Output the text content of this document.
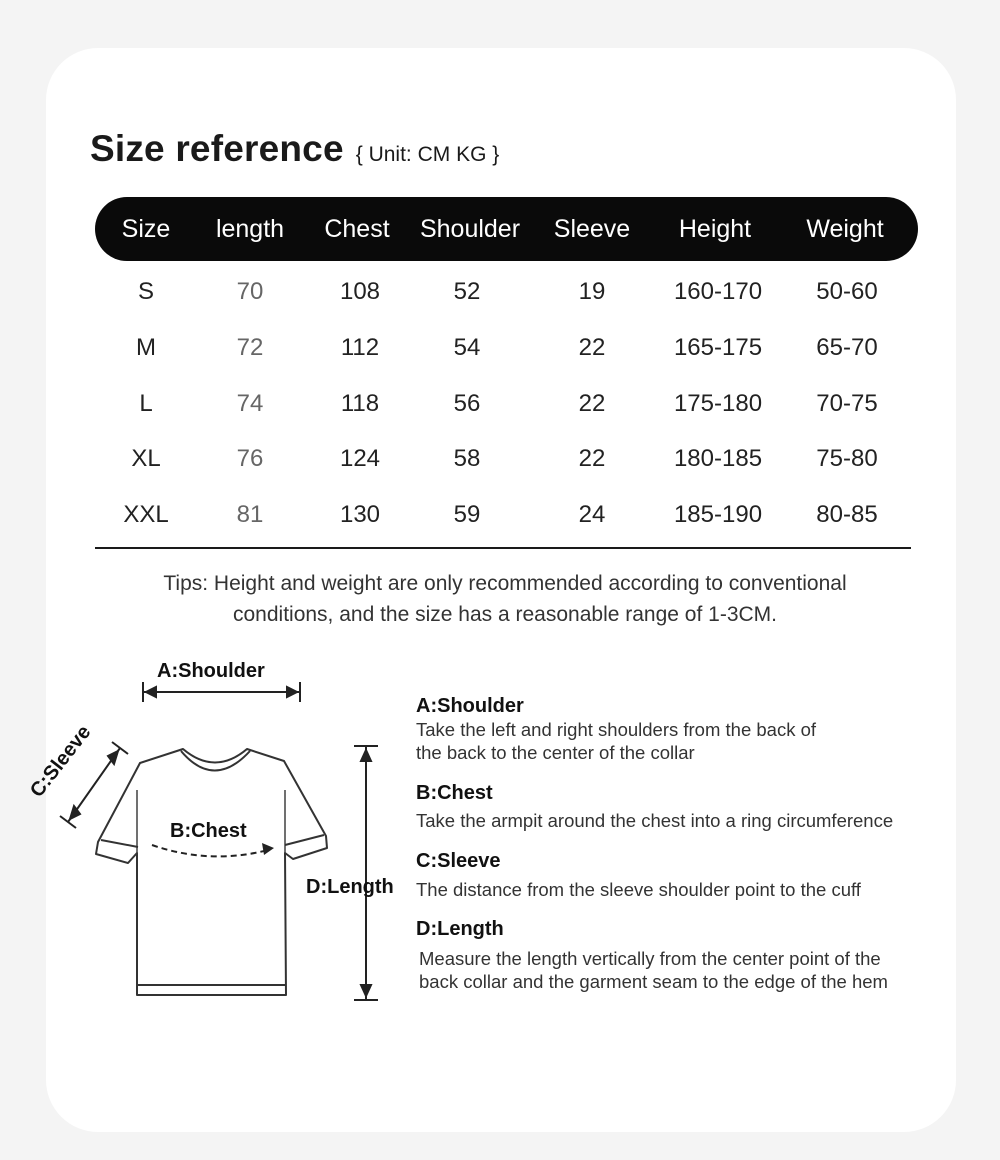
Size reference { Unit: CM KG }
Size length Chest Shoulder Sleeve Height Weight
S	70	108	52	19	160-170 50-60
M	72	112	54	22	165-175 65-70
L	74	118	56	22	175-180 70-75
XL	76	124	58	22	180-185 75-80
XXL	81	130	59	24	185-190 80-85
Tips: Height and weight are only recommended according to conventional
conditions, and the size has a reasonable range of 1-3CM.
A:Shoulder
C:Sleeve
B:Chest
D:Length
A:Shoulder
Take the left and right shoulders from the back of
the back to the center of the collar
B:Chest
Take the armpit around the chest into a ring circumference
C:Sleeve
The distance from the sleeve shoulder point to the cuff
D:Length
Measure the length vertically from the center point of the
back collar and the garment seam to the edge of the hem
